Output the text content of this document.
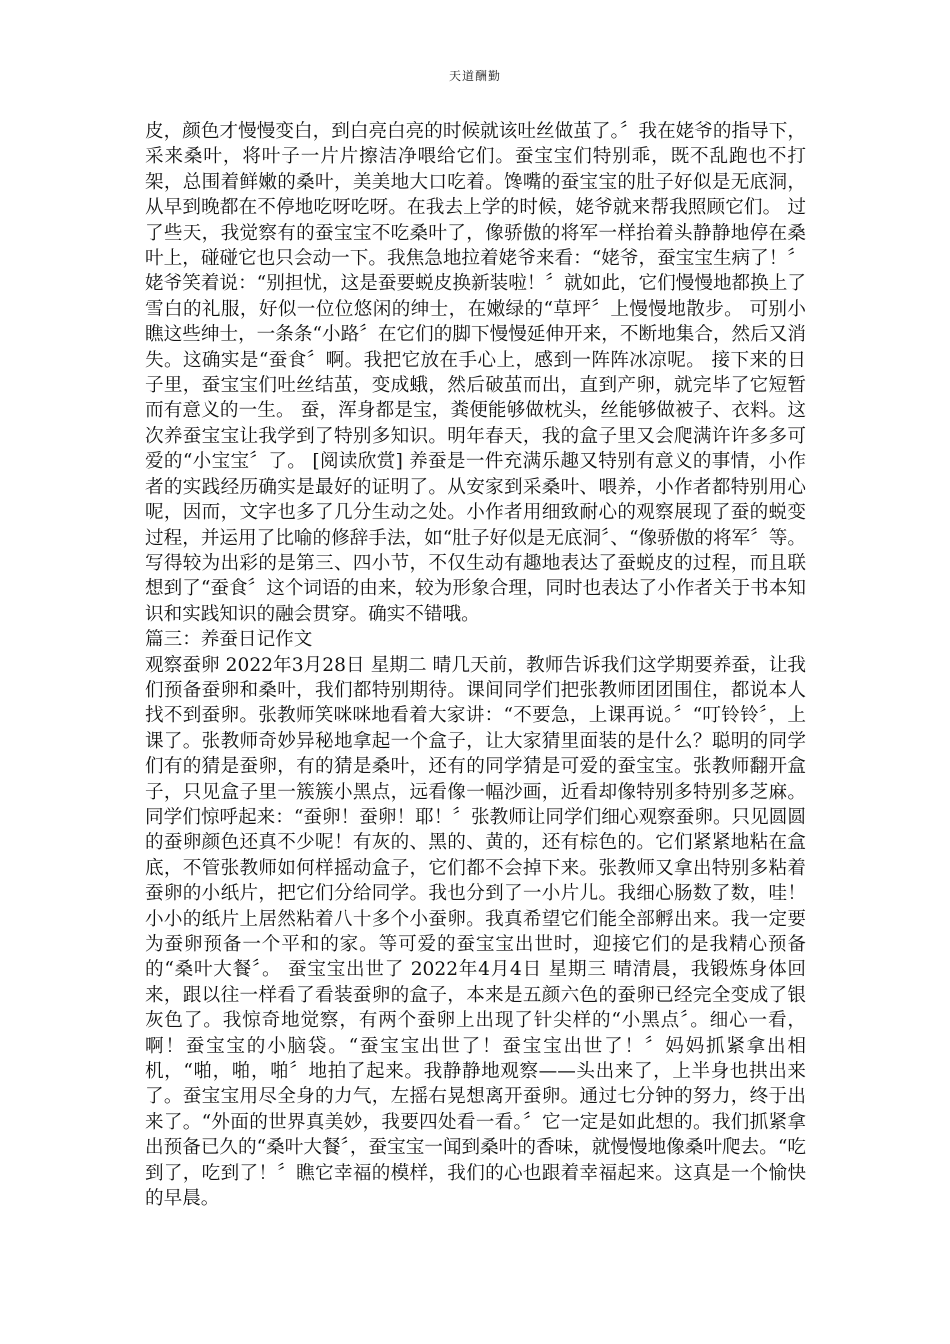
天道酬勤

皮，颜色才慢慢变白，到白亮白亮的时候就该吐丝做茧了。〞我在姥爷的指导下，采来桑叶，将叶子一片片擦洁净喂给它们。蚕宝宝们特别乖，既不乱跑也不打架，总围着鲜嫩的桑叶，美美地大口吃着。馋嘴的蚕宝宝的肚子好似是无底洞，从早到晚都在不停地吃呀吃呀。在我去上学的时候，姥爷就来帮我照顾它们。 过了些天，我觉察有的蚕宝宝不吃桑叶了，像骄傲的将军一样抬着头静静地停在桑叶上，碰碰它也只会动一下。我焦急地拉着姥爷来看：“姥爷，蚕宝宝生病了！〞姥爷笑着说：“别担忧，这是蚕要蜕皮换新装啦！〞就如此，它们慢慢地都换上了雪白的礼服，好似一位位悠闲的绅士，在嫩绿的“草坪〞上慢慢地散步。 可别小瞧这些绅士，一条条“小路〞在它们的脚下慢慢延伸开来，不断地集合，然后又消失。这确实是“蚕食〞啊。我把它放在手心上，感到一阵阵冰凉呢。 接下来的日子里，蚕宝宝们吐丝结茧，变成蛾，然后破茧而出，直到产卵，就完毕了它短暂而有意义的一生。 蚕，浑身都是宝，粪便能够做枕头，丝能够做被子、衣料。这次养蚕宝宝让我学到了特别多知识。明年春天，我的盒子里又会爬满许许多多可爱的“小宝宝〞了。 [阅读欣赏] 养蚕是一件充满乐趣又特别有意义的事情，小作者的实践经历确实是最好的证明了。从安家到采桑叶、喂养，小作者都特别用心呢，因而，文字也多了几分生动之处。小作者用细致耐心的观察展现了蚕的蜕变过程，并运用了比喻的修辞手法，如“肚子好似是无底洞〞、“像骄傲的将军〞等。写得较为出彩的是第三、四小节，不仅生动有趣地表达了蚕蜕皮的过程，而且联想到了“蚕食〞这个词语的由来，较为形象合理，同时也表达了小作者关于书本知识和实践知识的融会贯穿。确实不错哦。

篇三：养蚕日记作文

观察蚕卵 2022年3月28日 星期二 晴几天前，教师告诉我们这学期要养蚕，让我们预备蚕卵和桑叶，我们都特别期待。课间同学们把张教师团团围住，都说本人找不到蚕卵。张教师笑咪咪地看着大家讲：“不要急，上课再说。〞“叮铃铃〞，上课了。张教师奇妙异秘地拿起一个盒子，让大家猜里面装的是什么？聪明的同学们有的猜是蚕卵，有的猜是桑叶，还有的同学猜是可爱的蚕宝宝。张教师翻开盒子，只见盒子里一簇簇小黑点，远看像一幅沙画，近看却像特别多特别多芝麻。同学们惊呼起来：“蚕卵！蚕卵！耶！〞张教师让同学们细心观察蚕卵。只见圆圆的蚕卵颜色还真不少呢！有灰的、黑的、黄的，还有棕色的。它们紧紧地粘在盒底，不管张教师如何样摇动盒子，它们都不会掉下来。张教师又拿出特别多粘着蚕卵的小纸片，把它们分给同学。我也分到了一小片儿。我细心肠数了数，哇！小小的纸片上居然粘着八十多个小蚕卵。我真希望它们能全部孵出来。我一定要为蚕卵预备一个平和的家。等可爱的蚕宝宝出世时，迎接它们的是我精心预备的“桑叶大餐〞。 蚕宝宝出世了 2022年4月4日 星期三 晴清晨，我锻炼身体回来，跟以往一样看了看装蚕卵的盒子，本来是五颜六色的蚕卵已经完全变成了银灰色了。我惊奇地觉察，有两个蚕卵上出现了针尖样的“小黑点〞。细心一看，啊！蚕宝宝的小脑袋。“蚕宝宝出世了！蚕宝宝出世了！〞妈妈抓紧拿出相机，“啪，啪，啪〞地拍了起来。我静静地观察——头出来了，上半身也拱出来了。蚕宝宝用尽全身的力气，左摇右晃想离开蚕卵。通过七分钟的努力，终于出来了。“外面的世界真美妙，我要四处看一看。〞它一定是如此想的。我们抓紧拿出预备已久的“桑叶大餐〞，蚕宝宝一闻到桑叶的香味，就慢慢地像桑叶爬去。“吃到了，吃到了！〞瞧它幸福的模样，我们的心也跟着幸福起来。这真是一个愉快的早晨。
